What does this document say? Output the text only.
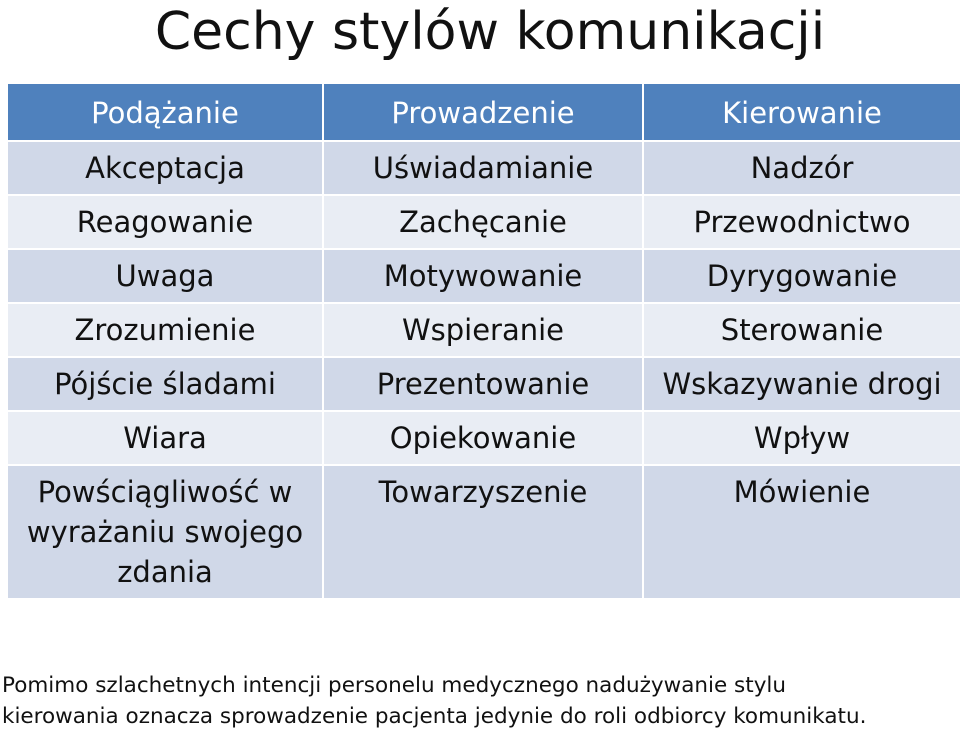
Cechy stylów komunikacji
Podążanie	Prowadzenie	Kierowanie
Akceptacja	Uświadamianie	Nadzór
Reagowanie	Zachęcanie	Przewodnictwo
Uwaga	Motywowanie	Dyrygowanie
Zrozumienie	Wspieranie	Sterowanie
Pójście śladami	Prezentowanie	Wskazywanie drogi
Wiara	Opiekowanie	Wpływ
Powściągliwość w wyrażaniu swojego zdania	Towarzyszenie	Mówienie
Pomimo szlachetnych intencji personelu medycznego nadużywanie stylu
kierowania oznacza sprowadzenie pacjenta jedynie do roli odbiorcy komunikatu.
